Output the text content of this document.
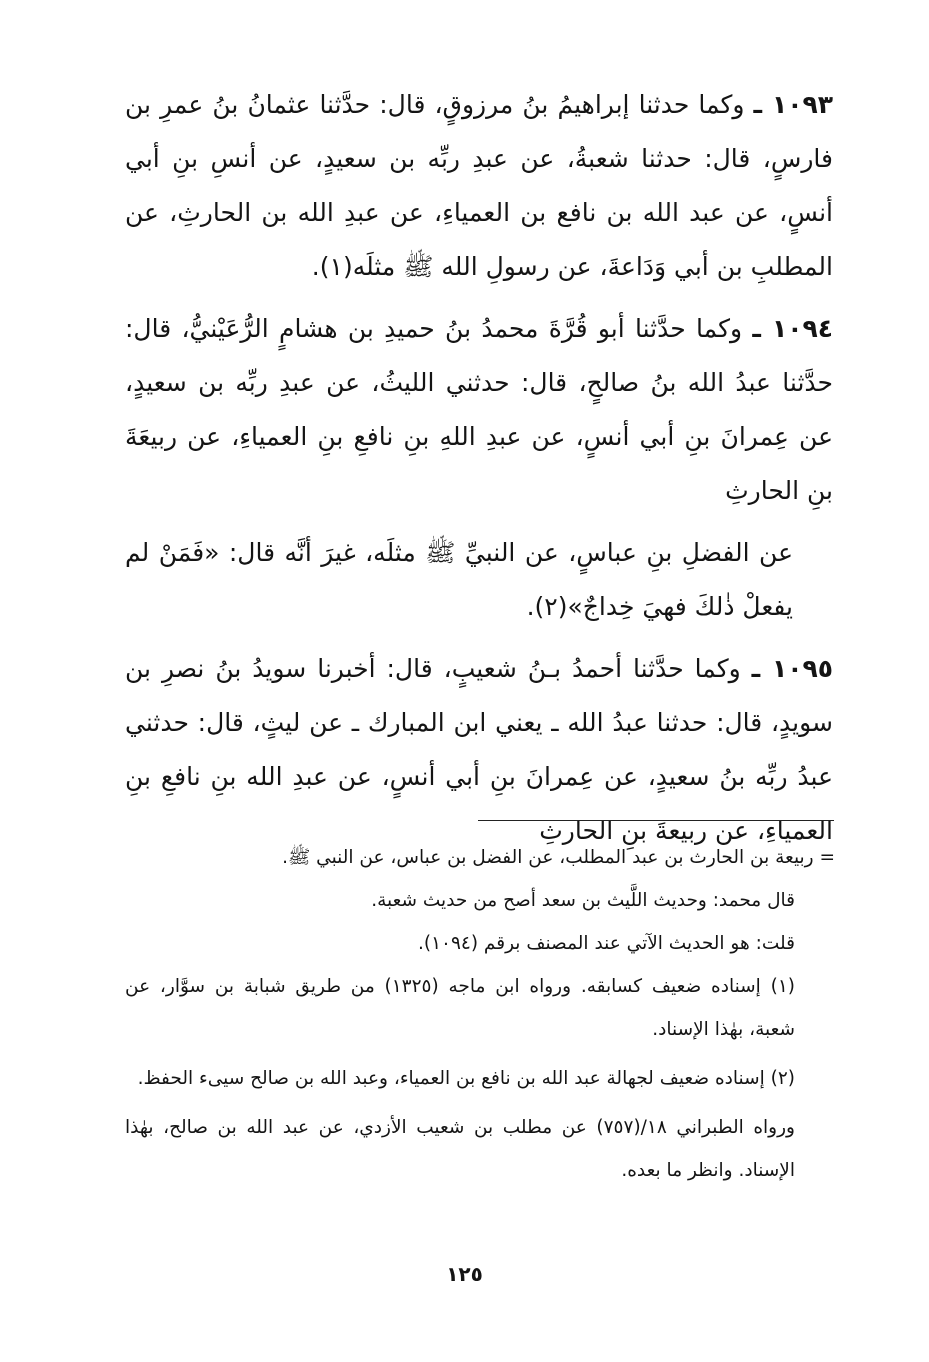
١٠٩٣ ـ وكما حدثنا إبراهيمُ بنُ مرزوقٍ، قال: حدَّثنا عثمانُ بنُ عمرِ بن فارسٍ، قال: حدثنا شعبةُ، عن عبدِ ربِّه بن سعيدٍ، عن أنسِ بنِ أبي أنسٍ، عن عبد الله بن نافع بن العمياءِ، عن عبدِ الله بن الحارثِ، عن المطلبِ بن أبي وَدَاعةَ، عن رسولِ الله ﷺ مثلَه(١).

١٠٩٤ ـ وكما حدَّثنا أبو قُرَّةَ محمدُ بنُ حميدِ بن هشامٍ الرُّعَيْنيُّ، قال: حدَّثنا عبدُ الله بنُ صالحٍ، قال: حدثني الليثُ، عن عبدِ ربِّه بن سعيدٍ، عن عِمرانَ بنِ أبي أنسٍ، عن عبدِ اللهِ بنِ نافعِ بنِ العمياءِ، عن ربيعَةَ بنِ الحارثِ

عن الفضلِ بنِ عباسٍ، عن النبيِّ ﷺ مثلَه، غيرَ أنَّه قال: «فَمَنْ لم يفعلْ ذٰلكَ فهيَ خِداجٌ»(٢).

١٠٩٥ ـ وكما حدَّثنا أحمدُ بـنُ شعيبٍ، قال: أخبرنا سويدُ بنُ نصرِ بن سويدٍ، قال: حدثنا عبدُ الله ـ يعني ابن المبارك ـ عن ليثٍ، قال: حدثني عبدُ ربِّه بنُ سعيدٍ، عن عِمرانَ بنِ أبي أنسٍ، عن عبدِ الله بنِ نافعِ بنِ العمياءِ، عن ربيعةَ بنِ الحارثِ

= ربيعة بن الحارث بن عبد المطلب، عن الفضل بن عباس، عن النبي ﷺ.

قال محمد: وحديث اللَّيث بن سعد أصح من حديث شعبة.

قلت: هو الحديث الآتي عند المصنف برقم (١٠٩٤).

(١) إسناده ضعيف كسابقه. ورواه ابن ماجه (١٣٢٥) من طريق شبابة بن سوَّار، عن شعبة، بهٰذا الإسناد.

(٢) إسناده ضعيف لجهالة عبد الله بن نافع بن العمياء، وعبد الله بن صالح سيىء الحفظ.

ورواه الطبراني ١٨/(٧٥٧) عن مطلب بن شعيب الأزدي، عن عبد الله بن صالح، بهٰذا الإسناد. وانظر ما بعده.

١٢٥
